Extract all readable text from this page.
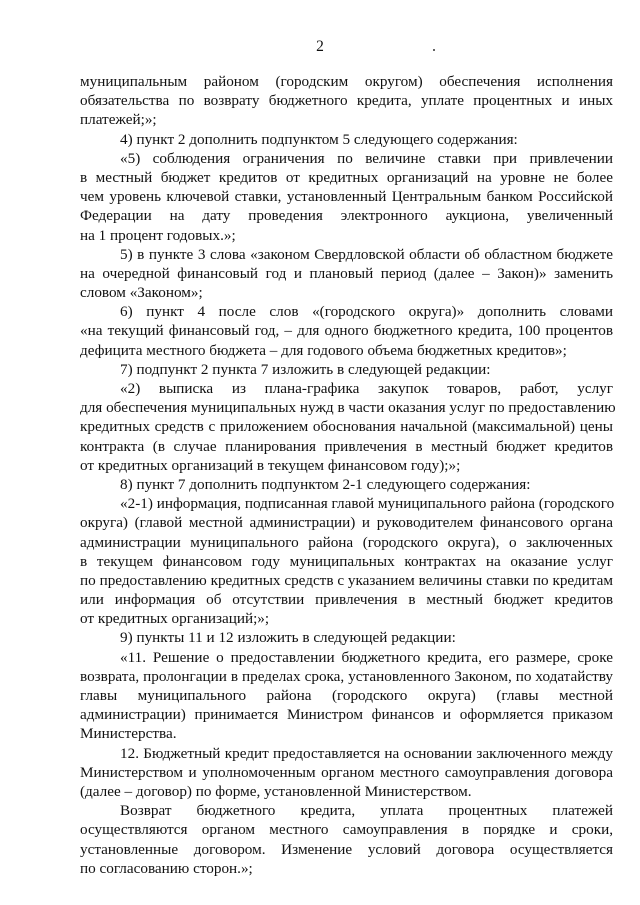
2
муниципальным районом (городским округом) обеспечения исполнения
обязательства по возврату бюджетного кредита, уплате процентных и иных
платежей;»;
4) пункт 2 дополнить подпунктом 5 следующего содержания:
«5) соблюдения ограничения по величине ставки при привлечении
в местный бюджет кредитов от кредитных организаций на уровне не более
чем уровень ключевой ставки, установленный Центральным банком Российской
Федерации на дату проведения электронного аукциона, увеличенный
на 1 процент годовых.»;
5) в пункте 3 слова «законом Свердловской области об областном бюджете
на очередной финансовый год и плановый период (далее – Закон)» заменить
словом «Законом»;
6) пункт 4 после слов «(городского округа)» дополнить словами
«на текущий финансовый год, – для одного бюджетного кредита, 100 процентов
дефицита местного бюджета – для годового объема бюджетных кредитов»;
7) подпункт 2 пункта 7 изложить в следующей редакции:
«2) выписка из плана-графика закупок товаров, работ, услуг
для обеспечения муниципальных нужд в части оказания услуг по предоставлению
кредитных средств с приложением обоснования начальной (максимальной) цены
контракта (в случае планирования привлечения в местный бюджет кредитов
от кредитных организаций в текущем финансовом году);»;
8) пункт 7 дополнить подпунктом 2-1 следующего содержания:
«2-1) информация, подписанная главой муниципального района (городского
округа) (главой местной администрации) и руководителем финансового органа
администрации муниципального района (городского округа), о заключенных
в текущем финансовом году муниципальных контрактах на оказание услуг
по предоставлению кредитных средств с указанием величины ставки по кредитам
или информация об отсутствии привлечения в местный бюджет кредитов
от кредитных организаций;»;
9) пункты 11 и 12 изложить в следующей редакции:
«11. Решение о предоставлении бюджетного кредита, его размере, сроке
возврата, пролонгации в пределах срока, установленного Законом, по ходатайству
главы муниципального района (городского округа) (главы местной
администрации) принимается Министром финансов и оформляется приказом
Министерства.
12. Бюджетный кредит предоставляется на основании заключенного между
Министерством и уполномоченным органом местного самоуправления договора
(далее – договор) по форме, установленной Министерством.
Возврат бюджетного кредита, уплата процентных платежей
осуществляются органом местного самоуправления в порядке и сроки,
установленные договором. Изменение условий договора осуществляется
по согласованию сторон.»;
